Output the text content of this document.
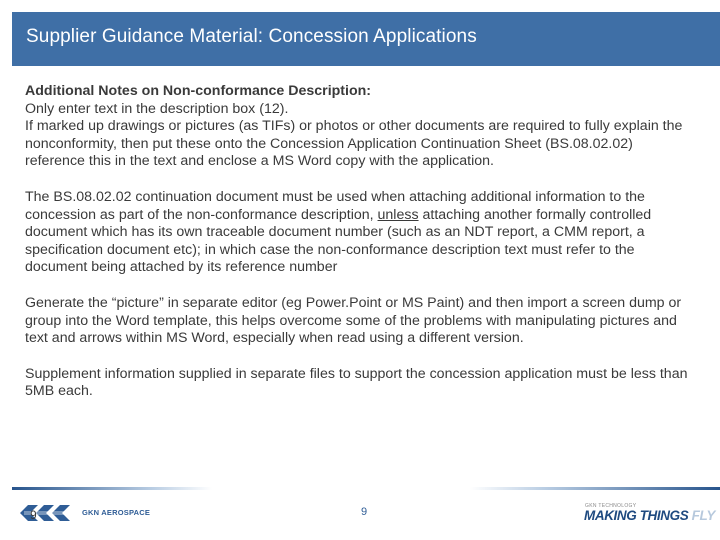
Supplier Guidance Material: Concession Applications

Additional Notes on Non-conformance Description:

Only enter text in the description box (12).

If marked up drawings or pictures (as TIFs) or photos or other documents are required to fully explain the nonconformity, then put these onto the Concession Application Continuation Sheet (BS.08.02.02) reference this in the text and enclose a MS Word copy with the application.

The BS.08.02.02 continuation document must be used when attaching additional information to the concession as part of the non-conformance description, unless attaching another formally controlled document which has its own traceable document number (such as an NDT report, a CMM report, a specification document etc); in which case the non-conformance description text must refer to the document being attached by its reference number

Generate the “picture” in separate editor (eg Power.Point or MS Paint) and then import a screen dump or group into the Word template, this helps overcome some of the problems with manipulating pictures and text and arrows within MS Word, especially when read using a different version.

Supplement information supplied in separate files to support the concession application must be less than 5MB each.

9	GKN AEROSPACE	9	GKN TECHNOLOGY
MAKING THINGS FLY
